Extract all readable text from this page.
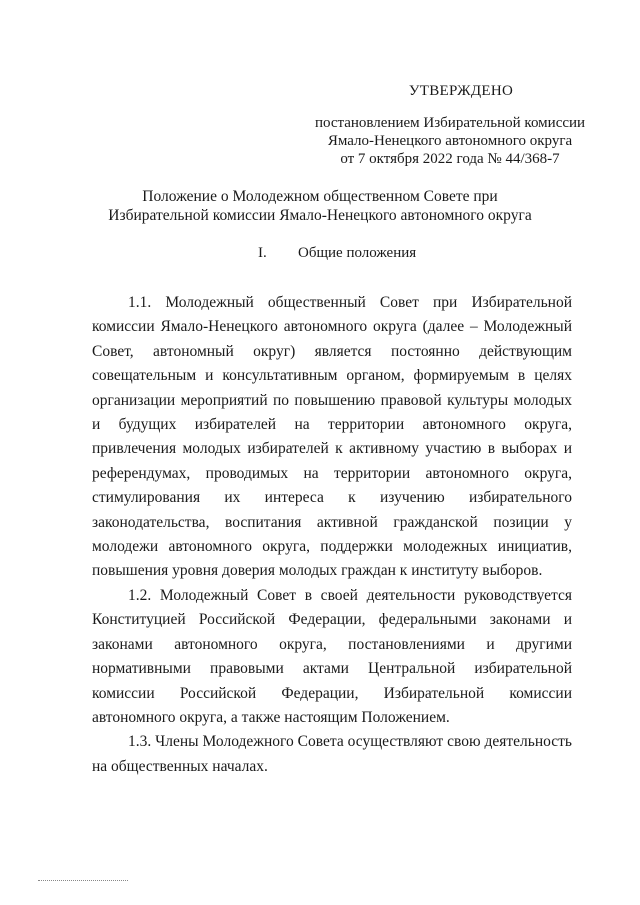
УТВЕРЖДЕНО
постановлением Избирательной комиссии
Ямало-Ненецкого автономного округа
от 7 октября 2022 года № 44/368-7
Положение о Молодежном общественном Совете при
Избирательной комиссии Ямало-Ненецкого автономного округа
I. Общие положения

1.1. Молодежный общественный Совет при Избирательной комиссии Ямало-Ненецкого автономного округа (далее – Молодежный Совет, автономный округ) является постоянно действующим совещательным и консультативным органом, формируемым в целях организации мероприятий по повышению правовой культуры молодых и будущих избирателей на территории автономного округа, привлечения молодых избирателей к активному участию в выборах и референдумах, проводимых на территории автономного округа, стимулирования их интереса к изучению избирательного законодательства, воспитания активной гражданской позиции у молодежи автономного округа, поддержки молодежных инициатив, повышения уровня доверия молодых граждан к институту выборов.

1.2. Молодежный Совет в своей деятельности руководствуется Конституцией Российской Федерации, федеральными законами и законами автономного округа, постановлениями и другими нормативными правовыми актами Центральной избирательной комиссии Российской Федерации, Избирательной комиссии автономного округа, а также настоящим Положением.

1.3. Члены Молодежного Совета осуществляют свою деятельность на общественных началах.
